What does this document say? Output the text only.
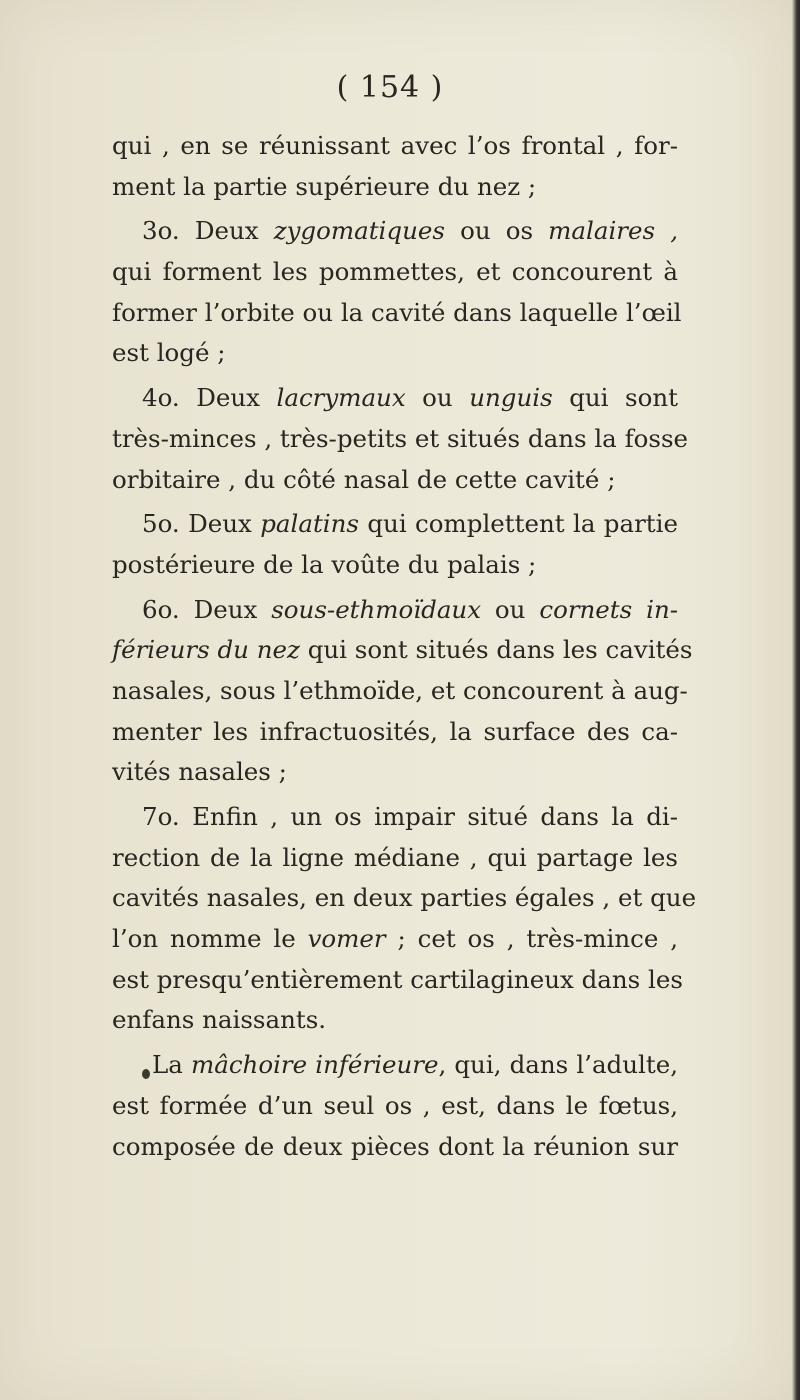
( 154 )
qui , en se réunissant avec l’os frontal , for-
ment la partie supérieure du nez ;
3o. Deux zygomatiques ou os malaires ,
qui forment les pommettes, et concourent à
former l’orbite ou la cavité dans laquelle l’œil
est logé ;
4o. Deux lacrymaux ou unguis qui sont
très-minces , très-petits et situés dans la fosse
orbitaire , du côté nasal de cette cavité ;
5o. Deux palatins qui complettent la partie
postérieure de la voûte du palais ;
6o. Deux sous-ethmoïdaux ou cornets in-
férieurs du nez qui sont situés dans les cavités
nasales, sous l’ethmoïde, et concourent à aug-
menter les infractuosités, la surface des ca-
vités nasales ;
7o. Enfin , un os impair situé dans la di-
rection de la ligne médiane , qui partage les
cavités nasales, en deux parties égales , et que
l’on nomme le vomer ; cet os , très-mince ,
est presqu’entièrement cartilagineux dans les
enfans naissants.
La mâchoire inférieure, qui, dans l’adulte,
est formée d’un seul os , est, dans le fœtus,
composée de deux pièces dont la réunion sur
